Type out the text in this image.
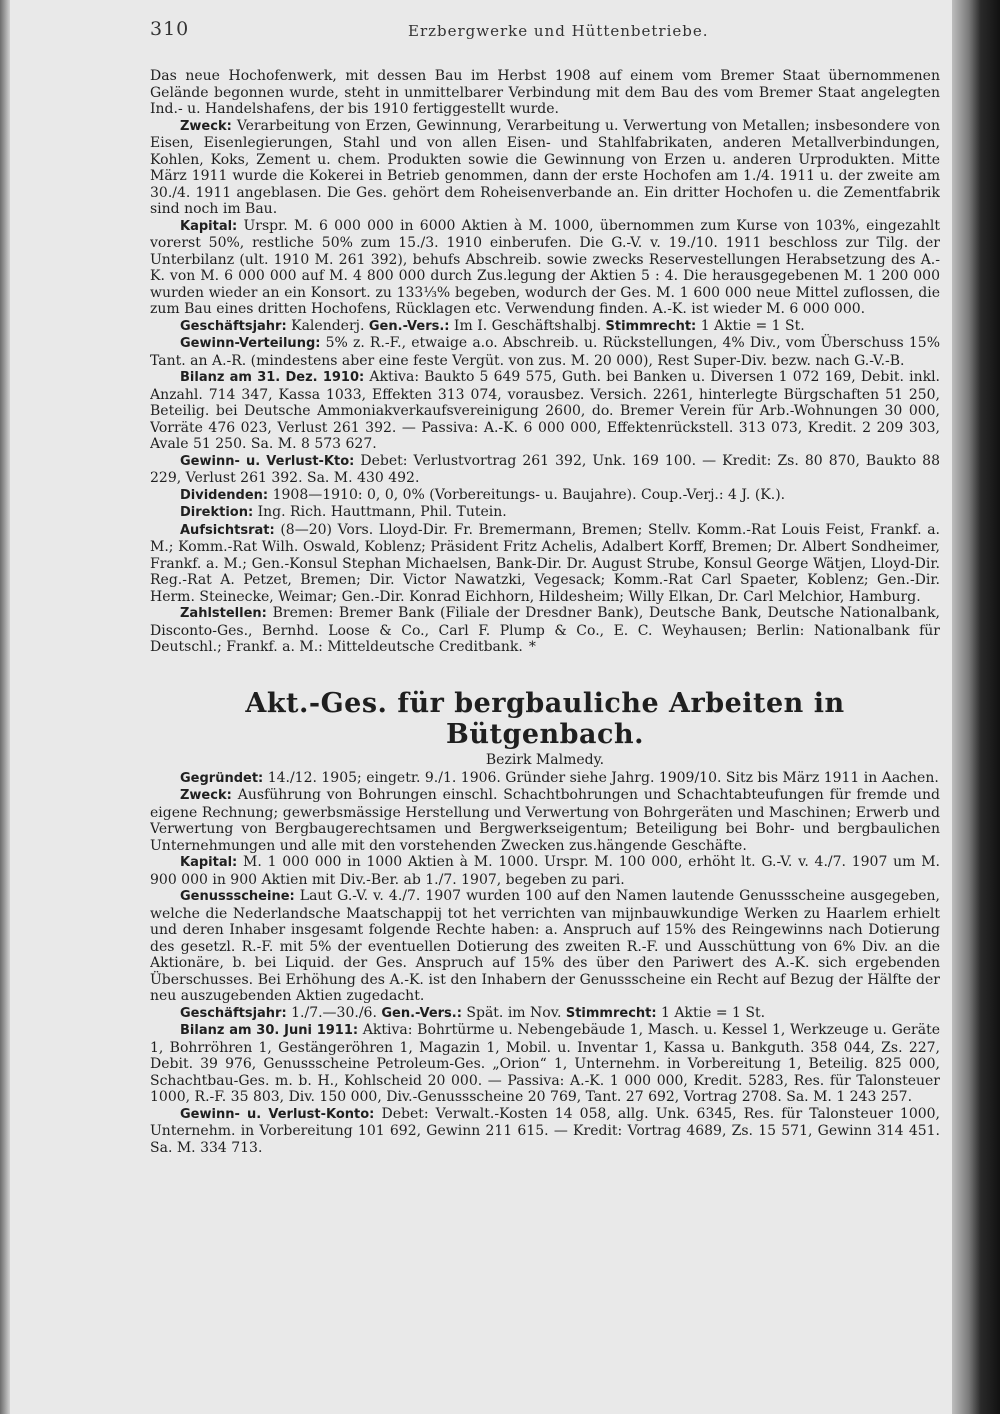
310	Erzbergwerke und Hüttenbetriebe.

Das neue Hochofenwerk, mit dessen Bau im Herbst 1908 auf einem vom Bremer Staat übernommenen Gelände begonnen wurde, steht in unmittelbarer Verbindung mit dem Bau des vom Bremer Staat angelegten Ind.- u. Handelshafens, der bis 1910 fertiggestellt wurde.

Zweck: Verarbeitung von Erzen, Gewinnung, Verarbeitung u. Verwertung von Metallen; insbesondere von Eisen, Eisenlegierungen, Stahl und von allen Eisen- und Stahlfabrikaten, anderen Metallverbindungen, Kohlen, Koks, Zement u. chem. Produkten sowie die Gewinnung von Erzen u. anderen Urprodukten. Mitte März 1911 wurde die Kokerei in Betrieb genommen, dann der erste Hochofen am 1./4. 1911 u. der zweite am 30./4. 1911 angeblasen. Die Ges. gehört dem Roheisenverbande an. Ein dritter Hochofen u. die Zementfabrik sind noch im Bau.

Kapital: Urspr. M. 6 000 000 in 6000 Aktien à M. 1000, übernommen zum Kurse von 103%, eingezahlt vorerst 50%, restliche 50% zum 15./3. 1910 einberufen. Die G.-V. v. 19./10. 1911 beschloss zur Tilg. der Unterbilanz (ult. 1910 M. 261 392), behufs Abschreib. sowie zwecks Reservestellungen Herabsetzung des A.-K. von M. 6 000 000 auf M. 4 800 000 durch Zus.legung der Aktien 5 : 4. Die herausgegebenen M. 1 200 000 wurden wieder an ein Konsort. zu 133⅓% begeben, wodurch der Ges. M. 1 600 000 neue Mittel zuflossen, die zum Bau eines dritten Hochofens, Rücklagen etc. Verwendung finden. A.-K. ist wieder M. 6 000 000.

Geschäftsjahr: Kalenderj. Gen.-Vers.: Im I. Geschäftshalbj. Stimmrecht: 1 Aktie = 1 St.

Gewinn-Verteilung: 5% z. R.-F., etwaige a.o. Abschreib. u. Rückstellungen, 4% Div., vom Überschuss 15% Tant. an A.-R. (mindestens aber eine feste Vergüt. von zus. M. 20 000), Rest Super-Div. bezw. nach G.-V.-B.

Bilanz am 31. Dez. 1910: Aktiva: Baukto 5 649 575, Guth. bei Banken u. Diversen 1 072 169, Debit. inkl. Anzahl. 714 347, Kassa 1033, Effekten 313 074, vorausbez. Versich. 2261, hinterlegte Bürgschaften 51 250, Beteilig. bei Deutsche Ammoniakverkaufsvereinigung 2600, do. Bremer Verein für Arb.-Wohnungen 30 000, Vorräte 476 023, Verlust 261 392. — Passiva: A.-K. 6 000 000, Effektenrückstell. 313 073, Kredit. 2 209 303, Avale 51 250. Sa. M. 8 573 627.

Gewinn- u. Verlust-Kto: Debet: Verlustvortrag 261 392, Unk. 169 100. — Kredit: Zs. 80 870, Baukto 88 229, Verlust 261 392. Sa. M. 430 492.

Dividenden: 1908—1910: 0, 0, 0% (Vorbereitungs- u. Baujahre). Coup.-Verj.: 4 J. (K.).

Direktion: Ing. Rich. Hauttmann, Phil. Tutein.

Aufsichtsrat: (8—20) Vors. Lloyd-Dir. Fr. Bremermann, Bremen; Stellv. Komm.-Rat Louis Feist, Frankf. a. M.; Komm.-Rat Wilh. Oswald, Koblenz; Präsident Fritz Achelis, Adalbert Korff, Bremen; Dr. Albert Sondheimer, Frankf. a. M.; Gen.-Konsul Stephan Michaelsen, Bank-Dir. Dr. August Strube, Konsul George Wätjen, Lloyd-Dir. Reg.-Rat A. Petzet, Bremen; Dir. Victor Nawatzki, Vegesack; Komm.-Rat Carl Spaeter, Koblenz; Gen.-Dir. Herm. Steinecke, Weimar; Gen.-Dir. Konrad Eichhorn, Hildesheim; Willy Elkan, Dr. Carl Melchior, Hamburg.

Zahlstellen: Bremen: Bremer Bank (Filiale der Dresdner Bank), Deutsche Bank, Deutsche Nationalbank, Disconto-Ges., Bernhd. Loose & Co., Carl F. Plump & Co., E. C. Weyhausen; Berlin: Nationalbank für Deutschl.; Frankf. a. M.: Mitteldeutsche Creditbank. *

Akt.-Ges. für bergbauliche Arbeiten in Bütgenbach.
Bezirk Malmedy.

Gegründet: 14./12. 1905; eingetr. 9./1. 1906. Gründer siehe Jahrg. 1909/10. Sitz bis März 1911 in Aachen.

Zweck: Ausführung von Bohrungen einschl. Schachtbohrungen und Schachtabteufungen für fremde und eigene Rechnung; gewerbsmässige Herstellung und Verwertung von Bohrgeräten und Maschinen; Erwerb und Verwertung von Bergbaugerechtsamen und Bergwerkseigentum; Beteiligung bei Bohr- und bergbaulichen Unternehmungen und alle mit den vorstehenden Zwecken zus.hängende Geschäfte.

Kapital: M. 1 000 000 in 1000 Aktien à M. 1000. Urspr. M. 100 000, erhöht lt. G.-V. v. 4./7. 1907 um M. 900 000 in 900 Aktien mit Div.-Ber. ab 1./7. 1907, begeben zu pari.

Genussscheine: Laut G.-V. v. 4./7. 1907 wurden 100 auf den Namen lautende Genussscheine ausgegeben, welche die Nederlandsche Maatschappij tot het verrichten van mijnbauwkundige Werken zu Haarlem erhielt und deren Inhaber insgesamt folgende Rechte haben: a. Anspruch auf 15% des Reingewinns nach Dotierung des gesetzl. R.-F. mit 5% der eventuellen Dotierung des zweiten R.-F. und Ausschüttung von 6% Div. an die Aktionäre, b. bei Liquid. der Ges. Anspruch auf 15% des über den Pariwert des A.-K. sich ergebenden Überschusses. Bei Erhöhung des A.-K. ist den Inhabern der Genussscheine ein Recht auf Bezug der Hälfte der neu auszugebenden Aktien zugedacht.

Geschäftsjahr: 1./7.—30./6. Gen.-Vers.: Spät. im Nov. Stimmrecht: 1 Aktie = 1 St.

Bilanz am 30. Juni 1911: Aktiva: Bohrtürme u. Nebengebäude 1, Masch. u. Kessel 1, Werkzeuge u. Geräte 1, Bohrröhren 1, Gestängeröhren 1, Magazin 1, Mobil. u. Inventar 1, Kassa u. Bankguth. 358 044, Zs. 227, Debit. 39 976, Genussscheine Petroleum-Ges. „Orion“ 1, Unternehm. in Vorbereitung 1, Beteilig. 825 000, Schachtbau-Ges. m. b. H., Kohlscheid 20 000. — Passiva: A.-K. 1 000 000, Kredit. 5283, Res. für Talonsteuer 1000, R.-F. 35 803, Div. 150 000, Div.-Genussscheine 20 769, Tant. 27 692, Vortrag 2708. Sa. M. 1 243 257.

Gewinn- u. Verlust-Konto: Debet: Verwalt.-Kosten 14 058, allg. Unk. 6345, Res. für Talonsteuer 1000, Unternehm. in Vorbereitung 101 692, Gewinn 211 615. — Kredit: Vortrag 4689, Zs. 15 571, Gewinn 314 451. Sa. M. 334 713.
